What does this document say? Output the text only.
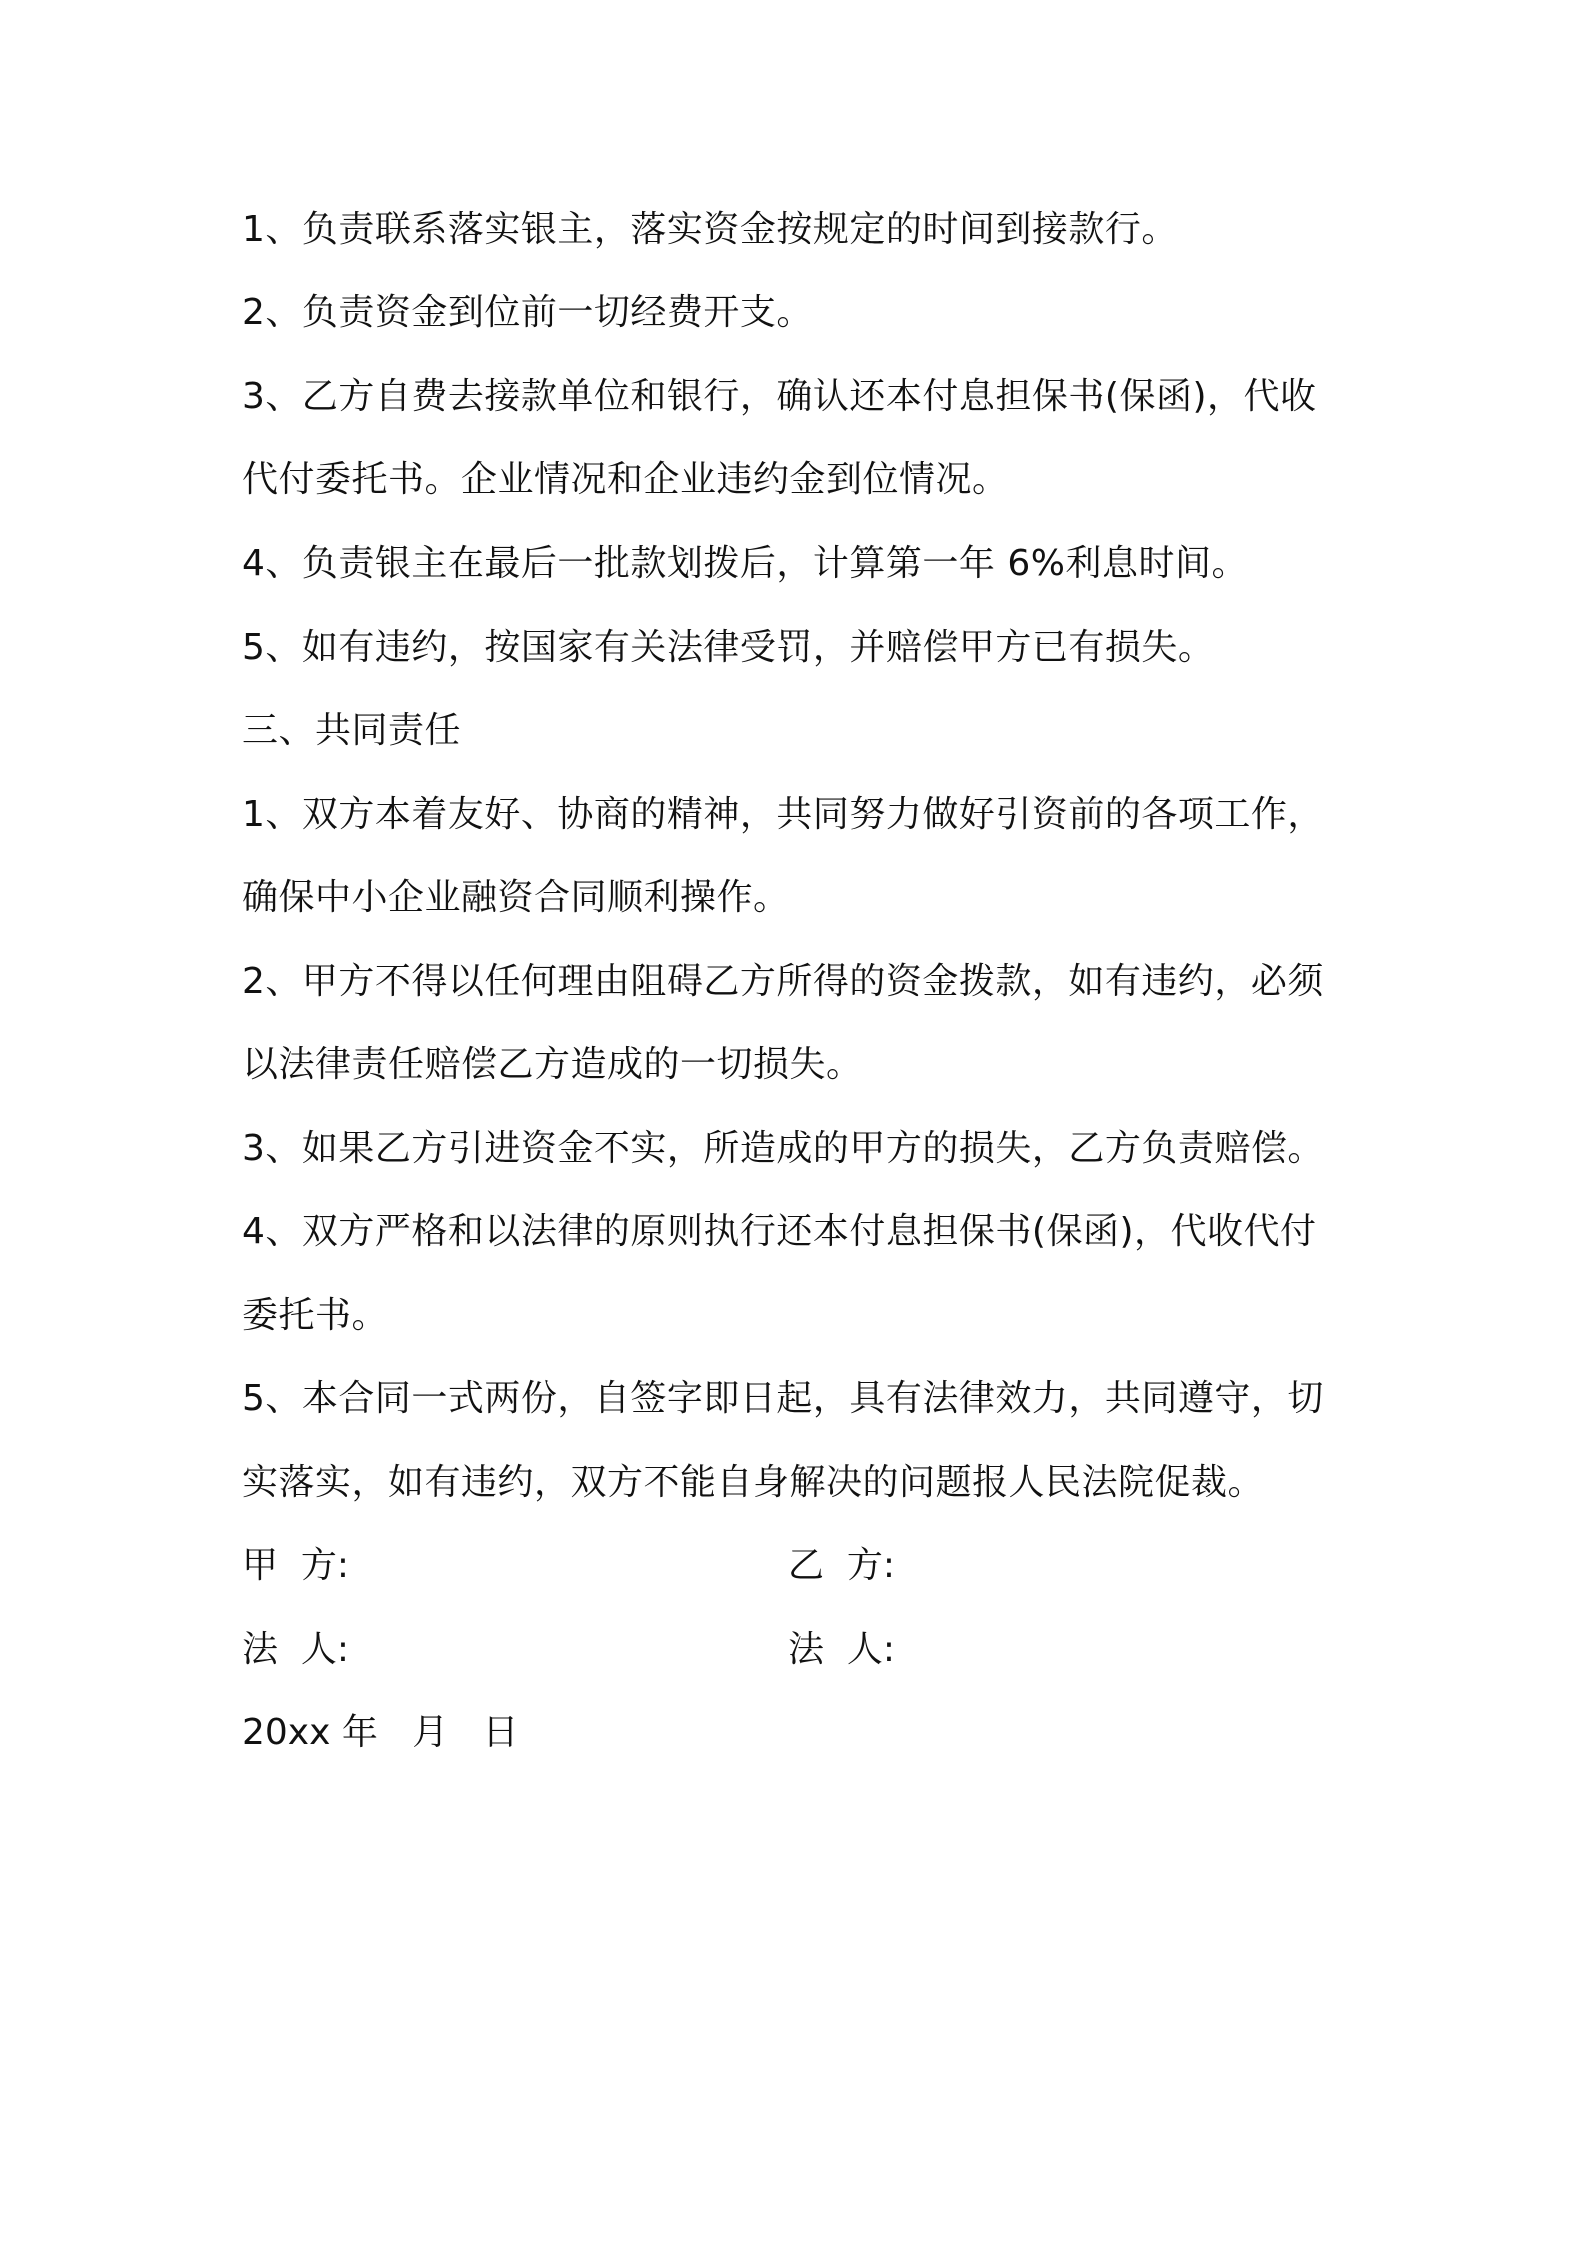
1、负责联系落实银主，落实资金按规定的时间到接款行。
2、负责资金到位前一切经费开支。
3、乙方自费去接款单位和银行，确认还本付息担保书(保函)，代收
代付委托书。企业情况和企业违约金到位情况。
4、负责银主在最后一批款划拨后，计算第一年 6%利息时间。
5、如有违约，按国家有关法律受罚，并赔偿甲方已有损失。
三、共同责任
1、双方本着友好、协商的精神，共同努力做好引资前的各项工作，
确保中小企业融资合同顺利操作。
2、甲方不得以任何理由阻碍乙方所得的资金拨款，如有违约，必须
以法律责任赔偿乙方造成的一切损失。
3、如果乙方引进资金不实，所造成的甲方的损失，乙方负责赔偿。
4、双方严格和以法律的原则执行还本付息担保书(保函)，代收代付
委托书。
5、本合同一式两份，自签字即日起，具有法律效力，共同遵守，切
实落实，如有违约，双方不能自身解决的问题报人民法院促裁。
甲  方:	乙  方:
法  人:	法  人:
20xx 年   月   日
